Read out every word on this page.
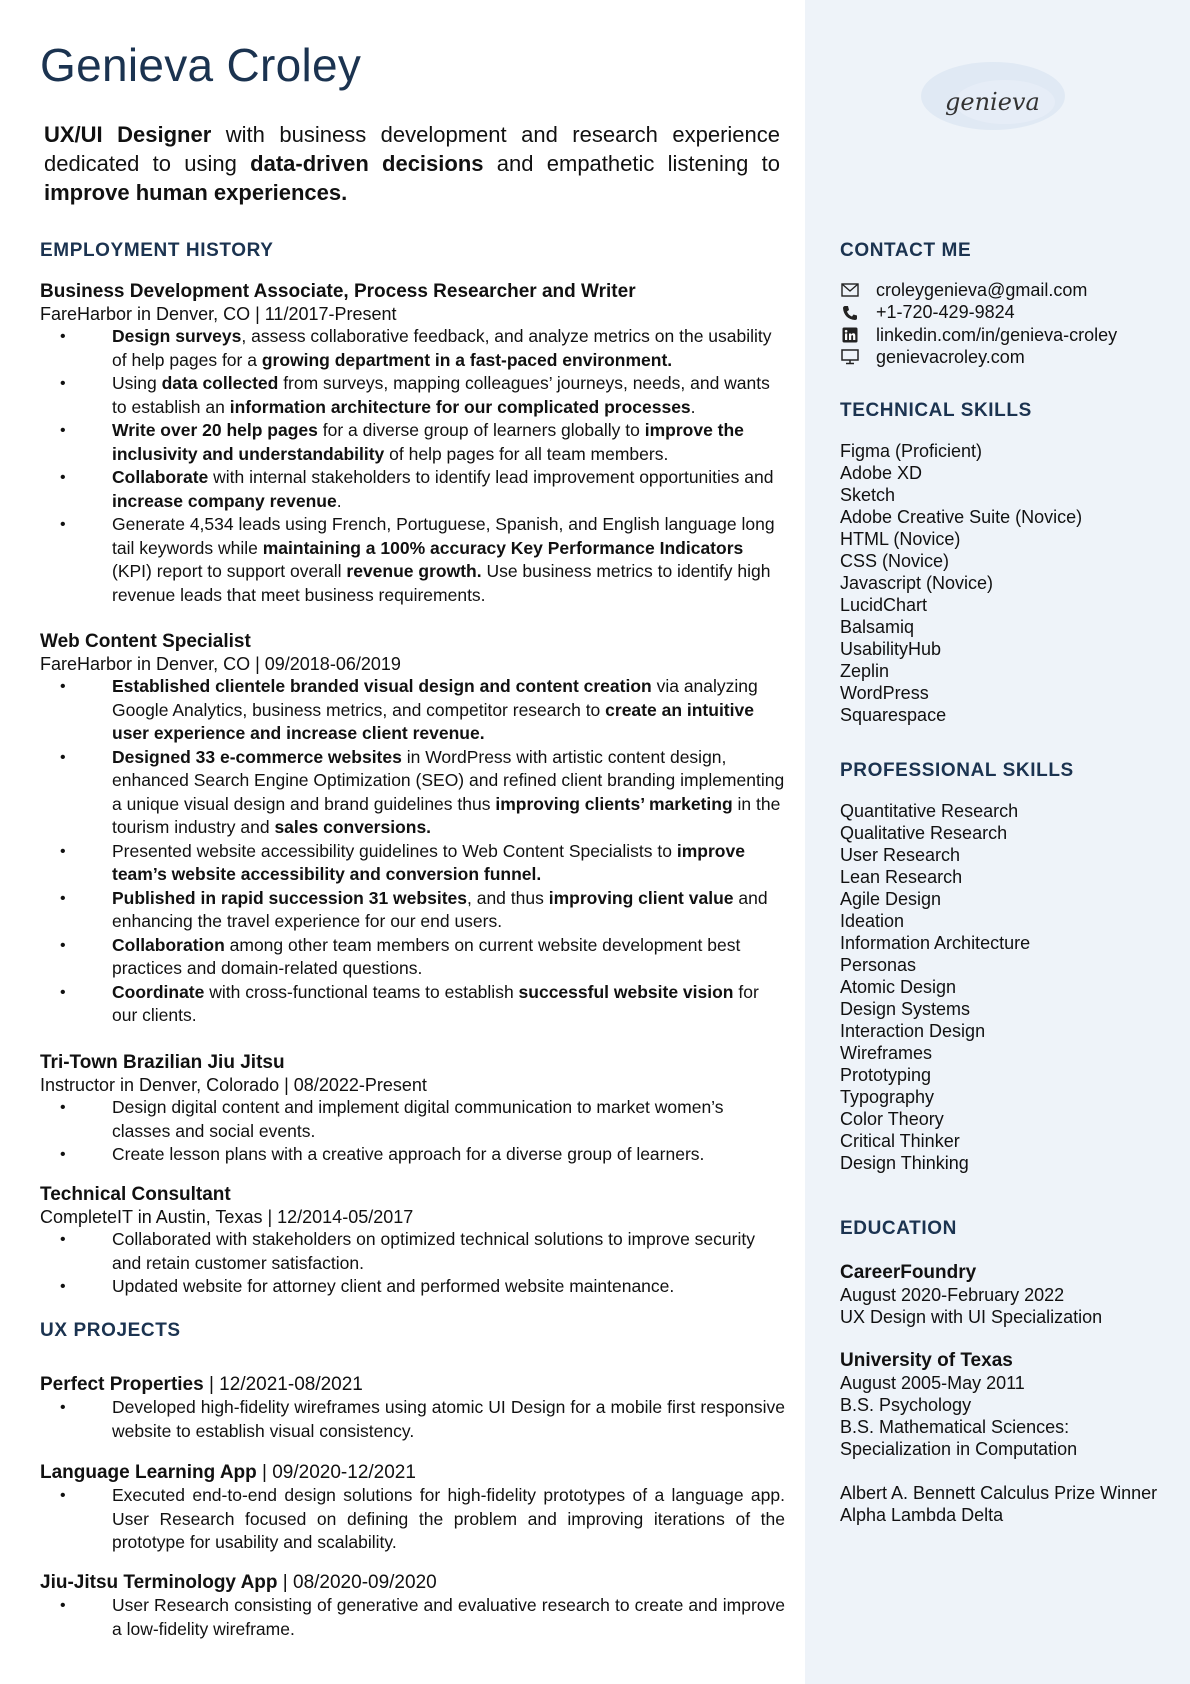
genieva
Genieva Croley

UX/UI Designer with business development and research experience dedicated to using data-driven decisions and empathetic listening to improve human experiences.

EMPLOYMENT HISTORY
Business Development Associate, Process Researcher and Writer
FareHarbor in Denver, CO | 11/2017-Present
• Design surveys, assess collaborative feedback, and analyze metrics on the usability of help pages for a growing department in a fast-paced environment.
• Using data collected from surveys, mapping colleagues’ journeys, needs, and wants to establish an information architecture for our complicated processes.
• Write over 20 help pages for a diverse group of learners globally to improve the inclusivity and understandability of help pages for all team members.
• Collaborate with internal stakeholders to identify lead improvement opportunities and increase company revenue.
• Generate 4,534 leads using French, Portuguese, Spanish, and English language long tail keywords while maintaining a 100% accuracy Key Performance Indicators (KPI) report to support overall revenue growth. Use business metrics to identify high revenue leads that meet business requirements.
Web Content Specialist
FareHarbor in Denver, CO | 09/2018-06/2019
• Established clientele branded visual design and content creation via analyzing Google Analytics, business metrics, and competitor research to create an intuitive user experience and increase client revenue.
• Designed 33 e-commerce websites in WordPress with artistic content design, enhanced Search Engine Optimization (SEO) and refined client branding implementing a unique visual design and brand guidelines thus improving clients’ marketing in the tourism industry and sales conversions.
• Presented website accessibility guidelines to Web Content Specialists to improve team’s website accessibility and conversion funnel.
• Published in rapid succession 31 websites, and thus improving client value and enhancing the travel experience for our end users.
• Collaboration among other team members on current website development best practices and domain-related questions.
• Coordinate with cross-functional teams to establish successful website vision for our clients.
Tri-Town Brazilian Jiu Jitsu
Instructor in Denver, Colorado | 08/2022-Present
• Design digital content and implement digital communication to market women’s classes and social events.
• Create lesson plans with a creative approach for a diverse group of learners.
Technical Consultant
CompleteIT in Austin, Texas | 12/2014-05/2017
• Collaborated with stakeholders on optimized technical solutions to improve security and retain customer satisfaction.
• Updated website for attorney client and performed website maintenance.
UX PROJECTS
Perfect Properties | 12/2021-08/2021
• Developed high-fidelity wireframes using atomic UI Design for a mobile first responsive website to establish visual consistency.
Language Learning App | 09/2020-12/2021
• Executed end-to-end design solutions for high-fidelity prototypes of a language app. User Research focused on defining the problem and improving iterations of the prototype for usability and scalability.
Jiu-Jitsu Terminology App | 08/2020-09/2020
• User Research consisting of generative and evaluative research to create and improve a low-fidelity wireframe.
CONTACT ME
croleygenieva@gmail.com
+1-720-429-9824
linkedin.com/in/genieva-croley
genievacroley.com
TECHNICAL SKILLS
Figma (Proficient)
Adobe XD
Sketch
Adobe Creative Suite (Novice)
HTML (Novice)
CSS (Novice)
Javascript (Novice)
LucidChart
Balsamiq
UsabilityHub
Zeplin
WordPress
Squarespace
PROFESSIONAL SKILLS
Quantitative Research
Qualitative Research
User Research
Lean Research
Agile Design
Ideation
Information Architecture
Personas
Atomic Design
Design Systems
Interaction Design
Wireframes
Prototyping
Typography
Color Theory
Critical Thinker
Design Thinking
EDUCATION
CareerFoundry
August 2020-February 2022
UX Design with UI Specialization
University of Texas
August 2005-May 2011
B.S. Psychology
B.S. Mathematical Sciences:
Specialization in Computation
Albert A. Bennett Calculus Prize Winner
Alpha Lambda Delta
